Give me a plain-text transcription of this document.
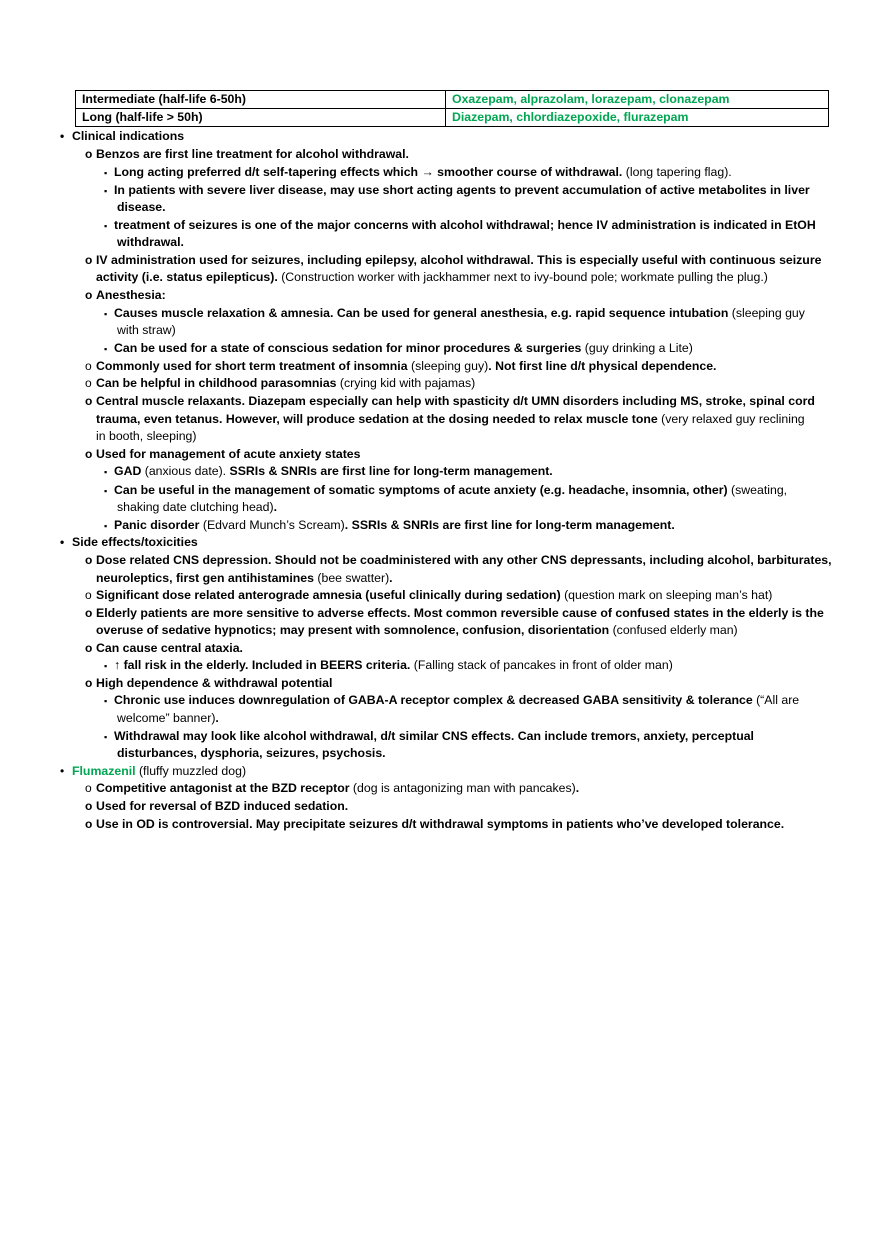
Intermediate (half-life 6-50h)	Oxazepam, alprazolam, lorazepam, clonazepam
Long (half-life > 50h)	Diazepam, chlordiazepoxide, flurazepam
• Clinical indications
o Benzos are first line treatment for alcohol withdrawal.
▪ Long acting preferred d/t self-tapering effects which → smoother course of withdrawal. (long tapering flag).
▪ In patients with severe liver disease, may use short acting agents to prevent accumulation of active metabolites in liver
disease.
▪ treatment of seizures is one of the major concerns with alcohol withdrawal; hence IV administration is indicated in EtOH
withdrawal.
o IV administration used for seizures, including epilepsy, alcohol withdrawal. This is especially useful with continuous seizure
activity (i.e. status epilepticus). (Construction worker with jackhammer next to ivy-bound pole; workmate pulling the plug.)
o Anesthesia:
▪ Causes muscle relaxation & amnesia. Can be used for general anesthesia, e.g. rapid sequence intubation (sleeping guy
with straw)
▪ Can be used for a state of conscious sedation for minor procedures & surgeries (guy drinking a Lite)
o Commonly used for short term treatment of insomnia (sleeping guy). Not first line d/t physical dependence.
o Can be helpful in childhood parasomnias (crying kid with pajamas)
o Central muscle relaxants. Diazepam especially can help with spasticity d/t UMN disorders including MS, stroke, spinal cord
trauma, even tetanus. However, will produce sedation at the dosing needed to relax muscle tone (very relaxed guy reclining
in booth, sleeping)
o Used for management of acute anxiety states
▪ GAD (anxious date). SSRIs & SNRIs are first line for long-term management.
▪ Can be useful in the management of somatic symptoms of acute anxiety (e.g. headache, insomnia, other) (sweating,
shaking date clutching head).
▪ Panic disorder (Edvard Munch’s Scream). SSRIs & SNRIs are first line for long-term management.
• Side effects/toxicities
o Dose related CNS depression. Should not be coadministered with any other CNS depressants, including alcohol, barbiturates,
neuroleptics, first gen antihistamines (bee swatter).
o Significant dose related anterograde amnesia (useful clinically during sedation) (question mark on sleeping man’s hat)
o Elderly patients are more sensitive to adverse effects. Most common reversible cause of confused states in the elderly is the
overuse of sedative hypnotics; may present with somnolence, confusion, disorientation (confused elderly man)
o Can cause central ataxia.
▪ ↑ fall risk in the elderly. Included in BEERS criteria. (Falling stack of pancakes in front of older man)
o High dependence & withdrawal potential
▪ Chronic use induces downregulation of GABA-A receptor complex & decreased GABA sensitivity & tolerance (“All are
welcome” banner).
▪ Withdrawal may look like alcohol withdrawal, d/t similar CNS effects. Can include tremors, anxiety, perceptual
disturbances, dysphoria, seizures, psychosis.
• Flumazenil (fluffy muzzled dog)
o Competitive antagonist at the BZD receptor (dog is antagonizing man with pancakes).
o Used for reversal of BZD induced sedation.
o Use in OD is controversial. May precipitate seizures d/t withdrawal symptoms in patients who’ve developed tolerance.
